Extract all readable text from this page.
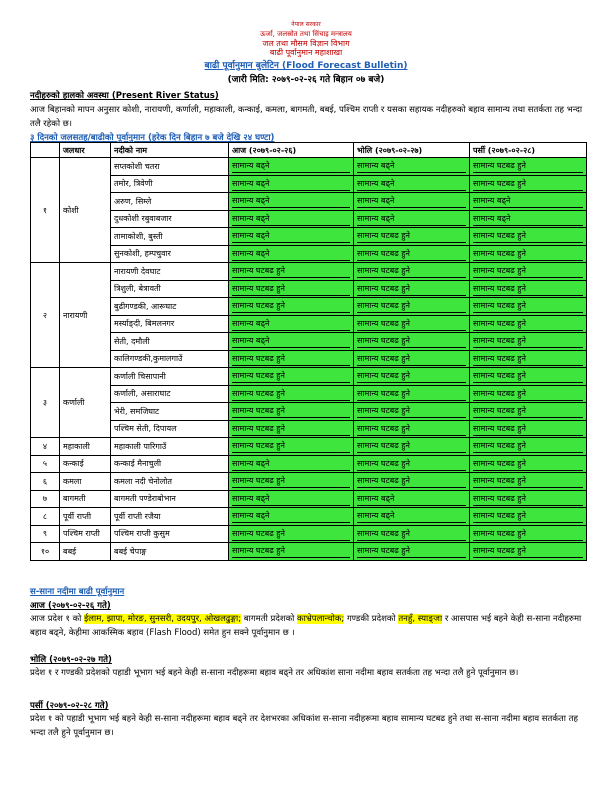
नेपाल सरकार
ऊर्जा, जलस्रोत तथा सिंचाइ मन्त्रालय
जल तथा मौसम विज्ञान विभाग
बाढी पूर्वानुमान महाशाखा
बाढी पूर्वानुमान बुलेटिन (Flood Forecast Bulletin)
(जारी मिति: २०७९-०२-२६ गते बिहान ०७ बजे)
नदीहरुको हालको अवस्था (Present River Status)
आज बिहानको मापन अनुसार कोशी, नारायणी, कर्णाली, महाकाली, कन्काई, कमला, बागमती, बबई, पश्चिम राप्ती र यसका सहायक नदीहरुको बहाव सामान्य तथा सतर्कता तह भन्दा तलै रहेको छ।
३ दिनको जलसतह/बाढीको पूर्वानुमान (हरेक दिन बिहान ७ बजे देखि २४ घण्टा)
	जलधार	नदीको नाम	आज (२०७९-०२-२६)	भोलि (२०७९-०२-२७)	पर्सी (२०७९-०२-२८)
१	कोशी	सप्तकोशी चतरा	सामान्य बढ्ने	सामान्य बढ्ने	सामान्य घटबढ हुने

		तमोर, त्रिवेणी	सामान्य बढ्ने	सामान्य बढ्ने	सामान्य घटबढ हुने

		अरुण, सिम्ले	सामान्य बढ्ने	सामान्य बढ्ने	सामान्य बढ्ने

		दुधकोशी रबुवाबजार	सामान्य बढ्ने	सामान्य बढ्ने	सामान्य बढ्ने

		तामाकोशी, बुस्ती	सामान्य बढ्ने	सामान्य घटबढ हुने	सामान्य घटबढ हुने

		सुनकोशी, हम्पचुवार	सामान्य बढ्ने	सामान्य घटबढ हुने	सामान्य घटबढ हुने

२	नारायणी	नारायणी देवघाट	सामान्य घटबढ हुने	सामान्य घटबढ हुने	सामान्य घटबढ हुने

		त्रिशुली, बेत्रावती	सामान्य घटबढ हुने	सामान्य घटबढ हुने	सामान्य घटबढ हुने

		बुढीगण्डकी, आरूघाट	सामान्य घटबढ हुने	सामान्य घटबढ हुने	सामान्य घटबढ हुने

		मर्स्याङ्दी, बिमलनगर	सामान्य बढ्ने	सामान्य घटबढ हुने	सामान्य घटबढ हुने

		सेती, दमौली	सामान्य बढ्ने	सामान्य घटबढ हुने	सामान्य घटबढ हुने

		कालिगण्डकी,कुमालगाउँ	सामान्य घटबढ हुने	सामान्य घटबढ हुने	सामान्य घटबढ हुने

३	कर्णाली	कर्णाली चिसापानी	सामान्य घटबढ हुने	सामान्य घटबढ हुने	सामान्य घटबढ हुने

		कर्णाली, असाराघाट	सामान्य घटबढ हुने	सामान्य घटबढ हुने	सामान्य घटबढ हुने

		भेरी, समजिघाट	सामान्य घटबढ हुने	सामान्य घटबढ हुने	सामान्य घटबढ हुने

		पश्चिम सेती, दिपायल	सामान्य घटबढ हुने	सामान्य घटबढ हुने	सामान्य घटबढ हुने

४	महाकाली	महाकाली पारिगाउँ	सामान्य घटबढ हुने	सामान्य घटबढ हुने	सामान्य घटबढ हुने

५	कन्काई	कन्काई मैनाचुली	सामान्य बढ्ने	सामान्य घटबढ हुने	सामान्य घटबढ हुने

६	कमला	कमला नदी चेनोलोत	सामान्य घटबढ हुने	सामान्य घटबढ हुने	सामान्य घटबढ हुने

७	बागमती	बागमती पण्डेराबोभान	सामान्य बढ्ने	सामान्य बढ्ने	सामान्य घटबढ हुने

८	पूर्वी राप्ती	पूर्वी राप्ती रजैया	सामान्य बढ्ने	सामान्य बढ्ने	सामान्य घटबढ हुने

९	पश्चिम राप्ती	पश्चिम राप्ती कुसुम	सामान्य घटबढ हुने	सामान्य घटबढ हुने	सामान्य घटबढ हुने

१०	बबई	बबई चेपाङ्ग	सामान्य घटबढ हुने	सामान्य घटबढ हुने	सामान्य घटबढ हुने
स-साना नदीमा बाढी पूर्वानुमान
आज (२०७९-०२-२६ गते)
आज प्रदेश १ को ईलाम, झापा, मोरङ, सुनसरी, उदयपुर, ओखलढुङ्गा; बागमती प्रदेशको काभ्रेपलान्चोक; गण्डकी प्रदेशको तनहुँ, स्याङ्जा र आसपास भई बहने केही स-साना नदीहरुमा बहाव बढ्ने, केहीमा आकस्मिक बहाव (Flash Flood) समेत हुन सक्ने पूर्वानुमान छ ।
भोलि (२०७९-०२-२७ गते)
प्रदेश १ र गण्डकी प्रदेशको पहाडी भूभाग भई बहने केही स-साना नदीहरूमा बहाव बढ्ने तर अधिकांश साना नदीमा बहाव सतर्कता तह भन्दा तलै हुने पूर्वानुमान छ।
पर्सी (२०७९-०२-२८ गते)
प्रदेश १ को पहाडी भूभाग भई बहने केही स-साना नदीहरूमा बहाव बढ्ने तर देशभरका अधिकांश स-साना नदीहरूमा बहाव सामान्य घटबढ हुने तथा स-साना नदीमा बहाव सतर्कता तह भन्दा तलै हुने पूर्वानुमान छ।
